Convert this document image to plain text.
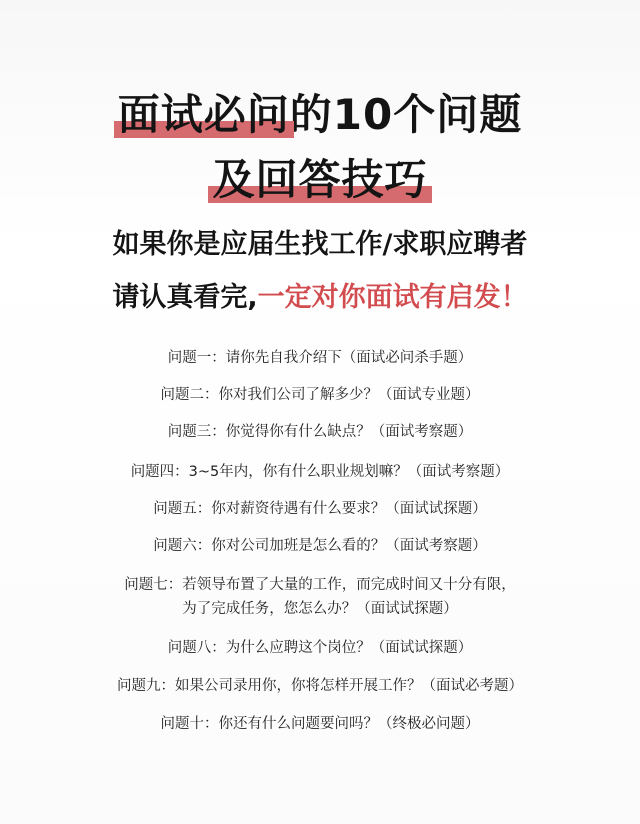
面试必问的10个问题
及回答技巧
如果你是应届生找工作/求职应聘者
请认真看完,一定对你面试有启发！
问题一：请你先自我介绍下（面试必问杀手题）
问题二：你对我们公司了解多少？（面试专业题）
问题三：你觉得你有什么缺点？（面试考察题）
问题四：3~5年内，你有什么职业规划嘛？（面试考察题）
问题五：你对薪资待遇有什么要求？（面试试探题）
问题六：你对公司加班是怎么看的？（面试考察题）
问题七：若领导布置了大量的工作，而完成时间又十分有限，
为了完成任务，您怎么办？（面试试探题）
问题八：为什么应聘这个岗位？（面试试探题）
问题九：如果公司录用你，你将怎样开展工作？（面试必考题）
问题十：你还有什么问题要问吗？（终极必问题）
